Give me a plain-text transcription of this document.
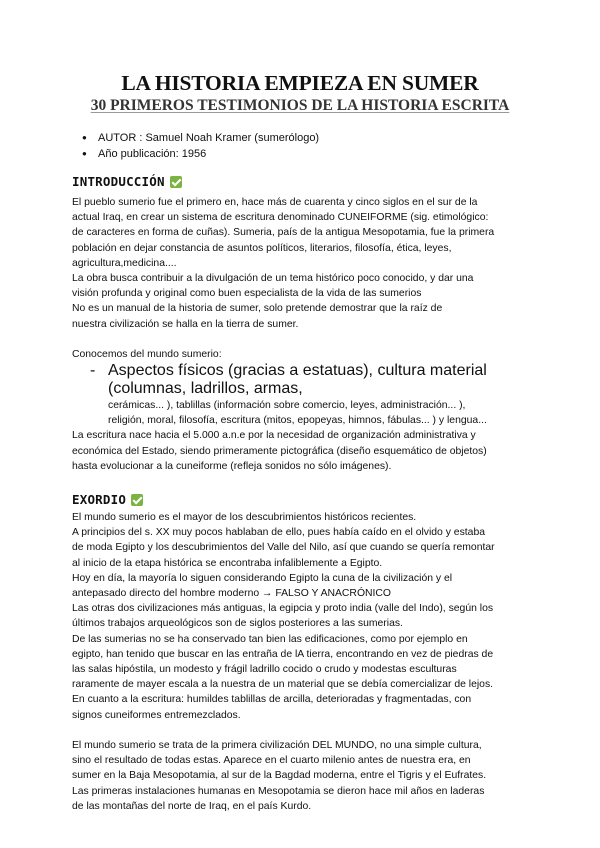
LA HISTORIA EMPIEZA EN SUMER
30 PRIMEROS TESTIMONIOS DE LA HISTORIA ESCRITA
● AUTOR : Samuel Noah Kramer (sumerólogo)
● Año publicación: 1956
INTRODUCCIÓN

El pueblo sumerio fue el primero en, hace más de cuarenta y cinco siglos en el sur de la

actual Iraq, en crear un sistema de escritura denominado CUNEIFORME (sig. etimológico:

de caracteres en forma de cuñas). Sumeria, país de la antigua Mesopotamia, fue la primera

población en dejar constancia de asuntos políticos, literarios, filosofía, ética, leyes,

agricultura,medicina....

La obra busca contribuir a la divulgación de un tema histórico poco conocido, y dar una

visión profunda y original como buen especialista de la vida de las sumerios

No es un manual de la historia de sumer, solo pretende demostrar que la raíz de

nuestra civilización se halla en la tierra de sumer.

Conocemos del mundo sumerio:

- Aspectos físicos (gracias a estatuas), cultura material (columnas, ladrillos, armas,

cerámicas... ), tablillas (información sobre comercio, leyes, administración... ),

religión, moral, filosofía, escritura (mitos, epopeyas, himnos, fábulas... ) y lengua...

La escritura nace hacia el 5.000 a.n.e por la necesidad de organización administrativa y

económica del Estado, siendo primeramente pictográfica (diseño esquemático de objetos)

hasta evolucionar a la cuneiforme (refleja sonidos no sólo imágenes).

EXORDIO

El mundo sumerio es el mayor de los descubrimientos históricos recientes.

A principios del s. XX muy pocos hablaban de ello, pues había caído en el olvido y estaba

de moda Egipto y los descubrimientos del Valle del Nilo, así que cuando se quería remontar

al inicio de la etapa histórica se encontraba infaliblemente a Egipto.

Hoy en día, la mayoría lo siguen considerando Egipto la cuna de la civilización y el

antepasado directo del hombre moderno → FALSO Y ANACRÓNICO

Las otras dos civilizaciones más antiguas, la egipcia y proto india (valle del Indo), según los

últimos trabajos arqueológicos son de siglos posteriores a las sumerias.

De las sumerias no se ha conservado tan bien las edificaciones, como por ejemplo en

egipto, han tenido que buscar en las entraña de lA tierra, encontrando en vez de piedras de

las salas hipóstila, un modesto y frágil ladrillo cocido o crudo y modestas esculturas

raramente de mayer escala a la nuestra de un material que se debía comercializar de lejos.

En cuanto a la escritura: humildes tablillas de arcilla, deterioradas y fragmentadas, con

signos cuneiformes entremezclados.

El mundo sumerio se trata de la primera civilización DEL MUNDO, no una simple cultura,

sino el resultado de todas estas. Aparece en el cuarto milenio antes de nuestra era, en

sumer en la Baja Mesopotamia, al sur de la Bagdad moderna, entre el Tigris y el Eufrates.

Las primeras instalaciones humanas en Mesopotamia se dieron hace mil años en laderas

de las montañas del norte de Iraq, en el país Kurdo.
